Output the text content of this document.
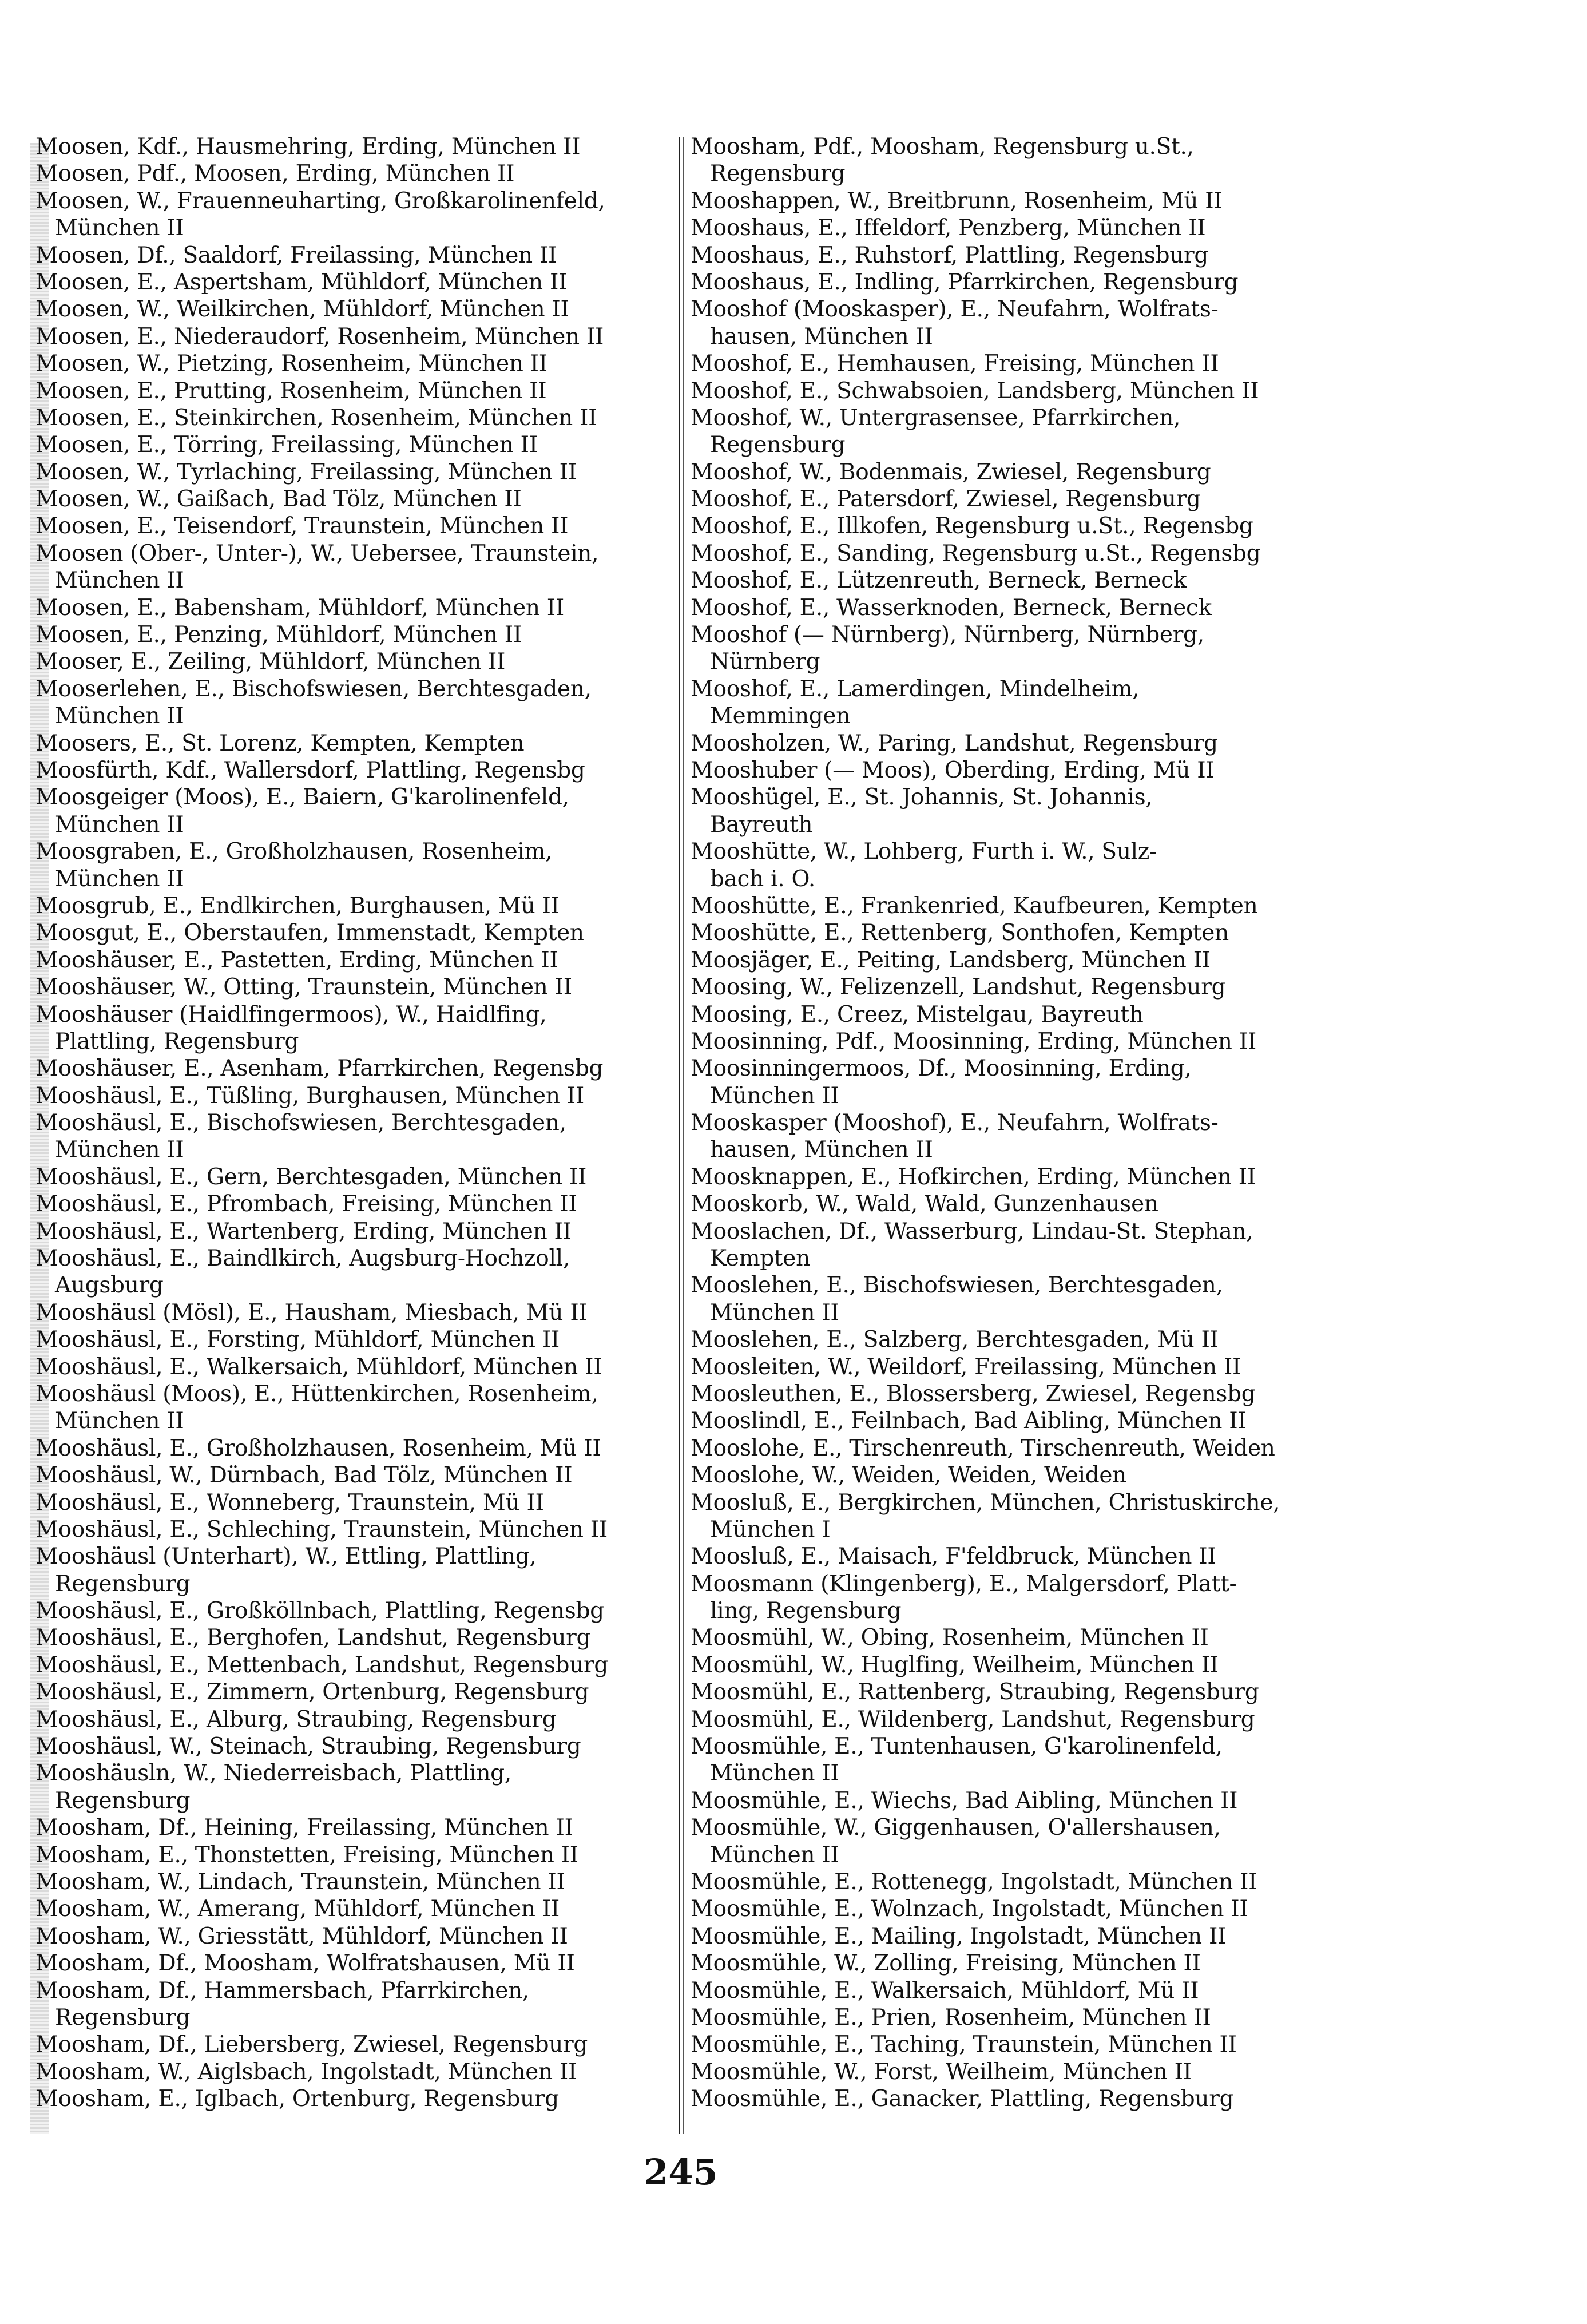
Moosen, Kdf., Hausmehring, Erding, München II
Moosen, Pdf., Moosen, Erding, München II
Moosen, W., Frauenneuharting, Großkarolinenfeld,
München II
Moosen, Df., Saaldorf, Freilassing, München II
Moosen, E., Aspertsham, Mühldorf, München II
Moosen, W., Weilkirchen, Mühldorf, München II
Moosen, E., Niederaudorf, Rosenheim, München II
Moosen, W., Pietzing, Rosenheim, München II
Moosen, E., Prutting, Rosenheim, München II
Moosen, E., Steinkirchen, Rosenheim, München II
Moosen, E., Törring, Freilassing, München II
Moosen, W., Tyrlaching, Freilassing, München II
Moosen, W., Gaißach, Bad Tölz, München II
Moosen, E., Teisendorf, Traunstein, München II
Moosen (Ober-, Unter-), W., Uebersee, Traunstein,
München II
Moosen, E., Babensham, Mühldorf, München II
Moosen, E., Penzing, Mühldorf, München II
Mooser, E., Zeiling, Mühldorf, München II
Mooserlehen, E., Bischofswiesen, Berchtesgaden,
München II
Moosers, E., St. Lorenz, Kempten, Kempten
Moosfürth, Kdf., Wallersdorf, Plattling, Regensbg
Moosgeiger (Moos), E., Baiern, G'karolinenfeld,
München II
Moosgraben, E., Großholzhausen, Rosenheim,
München II
Moosgrub, E., Endlkirchen, Burghausen, Mü II
Moosgut, E., Oberstaufen, Immenstadt, Kempten
Mooshäuser, E., Pastetten, Erding, München II
Mooshäuser, W., Otting, Traunstein, München II
Mooshäuser (Haidlfingermoos), W., Haidlfing,
Plattling, Regensburg
Mooshäuser, E., Asenham, Pfarrkirchen, Regensbg
Mooshäusl, E., Tüßling, Burghausen, München II
Mooshäusl, E., Bischofswiesen, Berchtesgaden,
München II
Mooshäusl, E., Gern, Berchtesgaden, München II
Mooshäusl, E., Pfrombach, Freising, München II
Mooshäusl, E., Wartenberg, Erding, München II
Mooshäusl, E., Baindlkirch, Augsburg-Hochzoll,
Augsburg
Mooshäusl (Mösl), E., Hausham, Miesbach, Mü II
Mooshäusl, E., Forsting, Mühldorf, München II
Mooshäusl, E., Walkersaich, Mühldorf, München II
Mooshäusl (Moos), E., Hüttenkirchen, Rosenheim,
München II
Mooshäusl, E., Großholzhausen, Rosenheim, Mü II
Mooshäusl, W., Dürnbach, Bad Tölz, München II
Mooshäusl, E., Wonneberg, Traunstein, Mü II
Mooshäusl, E., Schleching, Traunstein, München II
Mooshäusl (Unterhart), W., Ettling, Plattling,
Regensburg
Mooshäusl, E., Großköllnbach, Plattling, Regensbg
Mooshäusl, E., Berghofen, Landshut, Regensburg
Mooshäusl, E., Mettenbach, Landshut, Regensburg
Mooshäusl, E., Zimmern, Ortenburg, Regensburg
Mooshäusl, E., Alburg, Straubing, Regensburg
Mooshäusl, W., Steinach, Straubing, Regensburg
Mooshäusln, W., Niederreisbach, Plattling,
Regensburg
Moosham, Df., Heining, Freilassing, München II
Moosham, E., Thonstetten, Freising, München II
Moosham, W., Lindach, Traunstein, München II
Moosham, W., Amerang, Mühldorf, München II
Moosham, W., Griesstätt, Mühldorf, München II
Moosham, Df., Moosham, Wolfratshausen, Mü II
Moosham, Df., Hammersbach, Pfarrkirchen,
Regensburg
Moosham, Df., Liebersberg, Zwiesel, Regensburg
Moosham, W., Aiglsbach, Ingolstadt, München II
Moosham, E., Iglbach, Ortenburg, Regensburg
Moosham, Pdf., Moosham, Regensburg u.St.,
Regensburg
Mooshappen, W., Breitbrunn, Rosenheim, Mü II
Mooshaus, E., Iffeldorf, Penzberg, München II
Mooshaus, E., Ruhstorf, Plattling, Regensburg
Mooshaus, E., Indling, Pfarrkirchen, Regensburg
Mooshof (Mooskasper), E., Neufahrn, Wolfrats-
hausen, München II
Mooshof, E., Hemhausen, Freising, München II
Mooshof, E., Schwabsoien, Landsberg, München II
Mooshof, W., Untergrasensee, Pfarrkirchen,
Regensburg
Mooshof, W., Bodenmais, Zwiesel, Regensburg
Mooshof, E., Patersdorf, Zwiesel, Regensburg
Mooshof, E., Illkofen, Regensburg u.St., Regensbg
Mooshof, E., Sanding, Regensburg u.St., Regensbg
Mooshof, E., Lützenreuth, Berneck, Berneck
Mooshof, E., Wasserknoden, Berneck, Berneck
Mooshof (— Nürnberg), Nürnberg, Nürnberg,
Nürnberg
Mooshof, E., Lamerdingen, Mindelheim,
Memmingen
Moosholzen, W., Paring, Landshut, Regensburg
Mooshuber (— Moos), Oberding, Erding, Mü II
Mooshügel, E., St. Johannis, St. Johannis,
Bayreuth
Mooshütte, W., Lohberg, Furth i. W., Sulz-
bach i. O.
Mooshütte, E., Frankenried, Kaufbeuren, Kempten
Mooshütte, E., Rettenberg, Sonthofen, Kempten
Moosjäger, E., Peiting, Landsberg, München II
Moosing, W., Felizenzell, Landshut, Regensburg
Moosing, E., Creez, Mistelgau, Bayreuth
Moosinning, Pdf., Moosinning, Erding, München II
Moosinningermoos, Df., Moosinning, Erding,
München II
Mooskasper (Mooshof), E., Neufahrn, Wolfrats-
hausen, München II
Moosknappen, E., Hofkirchen, Erding, München II
Mooskorb, W., Wald, Wald, Gunzenhausen
Mooslachen, Df., Wasserburg, Lindau-St. Stephan,
Kempten
Mooslehen, E., Bischofswiesen, Berchtesgaden,
München II
Mooslehen, E., Salzberg, Berchtesgaden, Mü II
Moosleiten, W., Weildorf, Freilassing, München II
Moosleuthen, E., Blossersberg, Zwiesel, Regensbg
Mooslindl, E., Feilnbach, Bad Aibling, München II
Mooslohe, E., Tirschenreuth, Tirschenreuth, Weiden
Mooslohe, W., Weiden, Weiden, Weiden
Moosluß, E., Bergkirchen, München, Christuskirche,
München I
Moosluß, E., Maisach, F'feldbruck, München II
Moosmann (Klingenberg), E., Malgersdorf, Platt-
ling, Regensburg
Moosmühl, W., Obing, Rosenheim, München II
Moosmühl, W., Huglfing, Weilheim, München II
Moosmühl, E., Rattenberg, Straubing, Regensburg
Moosmühl, E., Wildenberg, Landshut, Regensburg
Moosmühle, E., Tuntenhausen, G'karolinenfeld,
München II
Moosmühle, E., Wiechs, Bad Aibling, München II
Moosmühle, W., Giggenhausen, O'allershausen,
München II
Moosmühle, E., Rottenegg, Ingolstadt, München II
Moosmühle, E., Wolnzach, Ingolstadt, München II
Moosmühle, E., Mailing, Ingolstadt, München II
Moosmühle, W., Zolling, Freising, München II
Moosmühle, E., Walkersaich, Mühldorf, Mü II
Moosmühle, E., Prien, Rosenheim, München II
Moosmühle, E., Taching, Traunstein, München II
Moosmühle, W., Forst, Weilheim, München II
Moosmühle, E., Ganacker, Plattling, Regensburg
245
